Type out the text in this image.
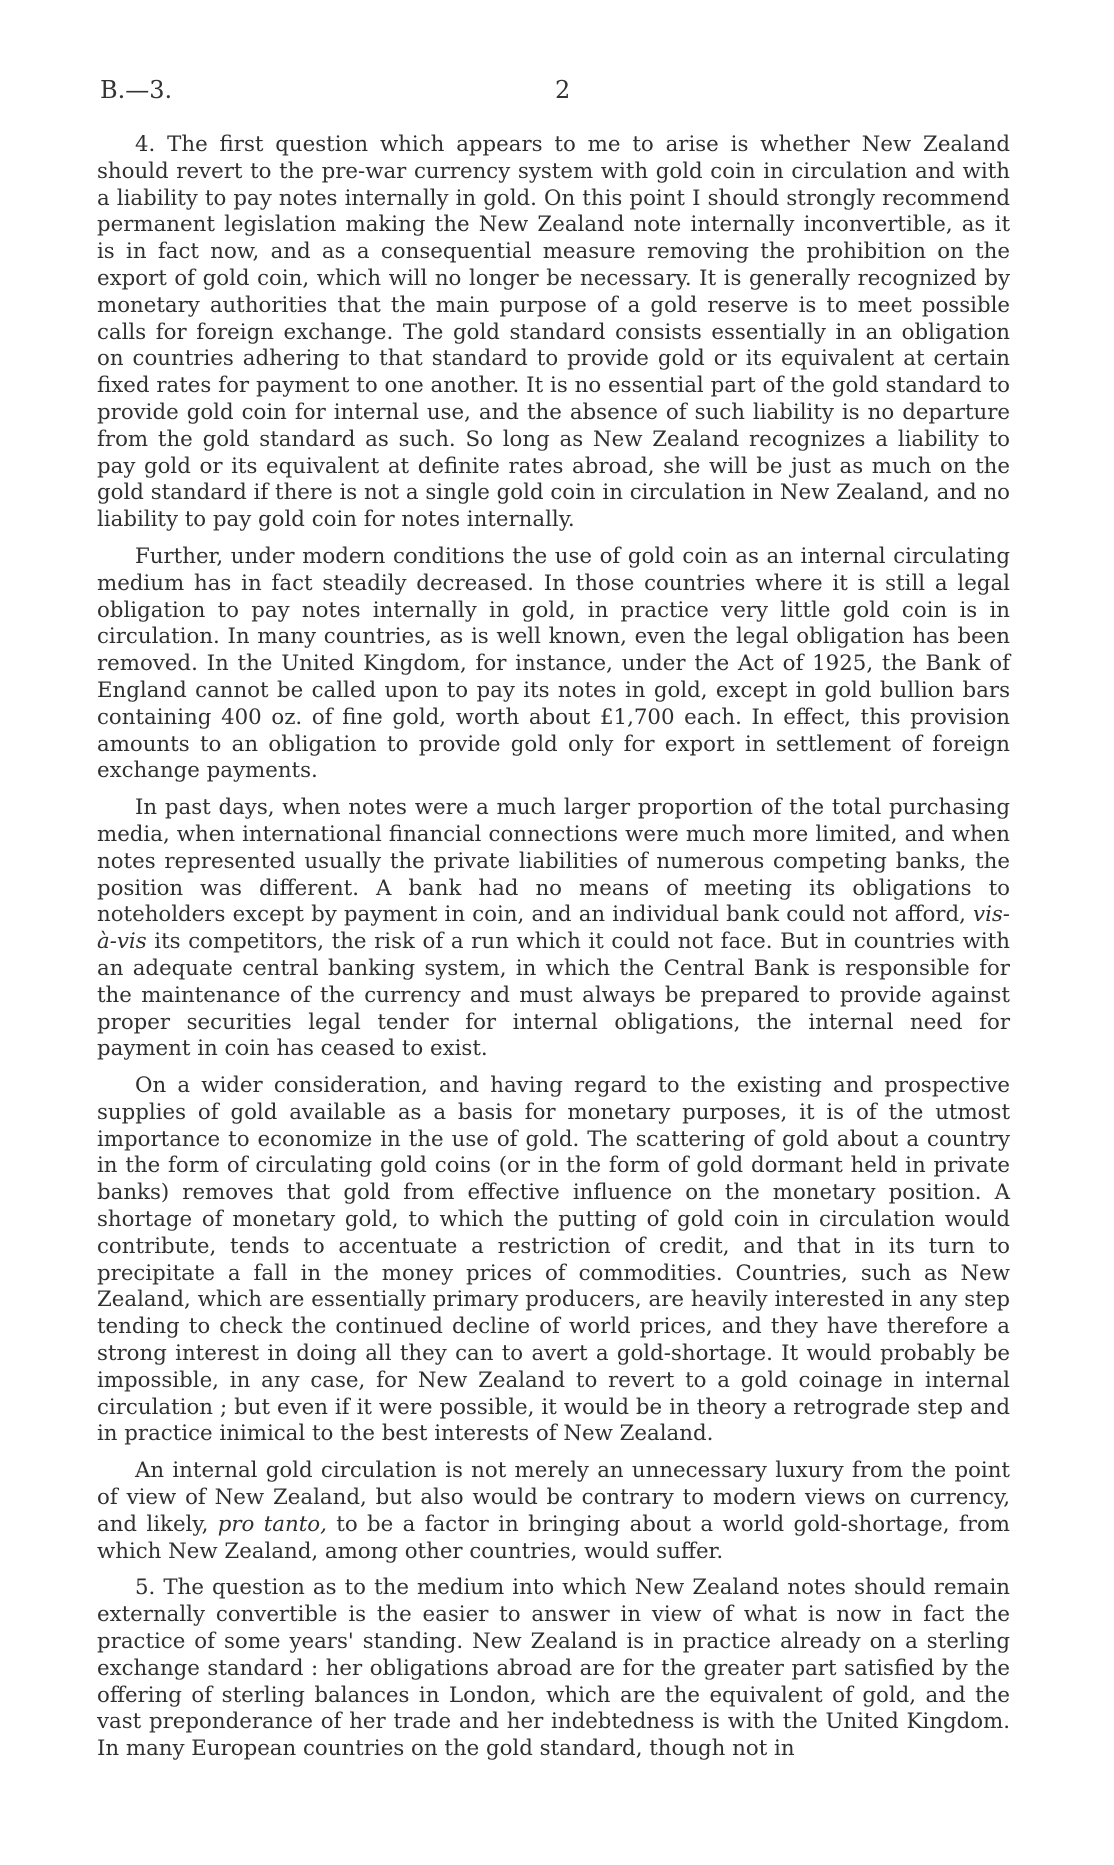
B.—3.	2

4. The first question which appears to me to arise is whether New Zealand should revert to the pre-war currency system with gold coin in circulation and with a liability to pay notes internally in gold. On this point I should strongly recommend permanent legislation making the New Zealand note internally inconvertible, as it is in fact now, and as a consequential measure removing the prohibition on the export of gold coin, which will no longer be necessary. It is generally recognized by monetary authorities that the main purpose of a gold reserve is to meet possible calls for foreign exchange. The gold standard consists essentially in an obligation on countries adhering to that standard to provide gold or its equivalent at certain fixed rates for payment to one another. It is no essential part of the gold standard to provide gold coin for internal use, and the absence of such liability is no departure from the gold standard as such. So long as New Zealand recognizes a liability to pay gold or its equivalent at definite rates abroad, she will be just as much on the gold standard if there is not a single gold coin in circulation in New Zealand, and no liability to pay gold coin for notes internally.

Further, under modern conditions the use of gold coin as an internal circulating medium has in fact steadily decreased. In those countries where it is still a legal obligation to pay notes internally in gold, in practice very little gold coin is in circulation. In many countries, as is well known, even the legal obligation has been removed. In the United Kingdom, for instance, under the Act of 1925, the Bank of England cannot be called upon to pay its notes in gold, except in gold bullion bars containing 400 oz. of fine gold, worth about £1,700 each. In effect, this provision amounts to an obligation to provide gold only for export in settlement of foreign exchange payments.

In past days, when notes were a much larger proportion of the total purchasing media, when international financial connections were much more limited, and when notes represented usually the private liabilities of numerous competing banks, the position was different. A bank had no means of meeting its obligations to noteholders except by payment in coin, and an individual bank could not afford, vis-à-vis its competitors, the risk of a run which it could not face. But in countries with an adequate central banking system, in which the Central Bank is responsible for the maintenance of the currency and must always be prepared to provide against proper securities legal tender for internal obligations, the internal need for payment in coin has ceased to exist.

On a wider consideration, and having regard to the existing and prospective supplies of gold available as a basis for monetary purposes, it is of the utmost importance to economize in the use of gold. The scattering of gold about a country in the form of circulating gold coins (or in the form of gold dormant held in private banks) removes that gold from effective influence on the monetary position. A shortage of monetary gold, to which the putting of gold coin in circulation would contribute, tends to accentuate a restriction of credit, and that in its turn to precipitate a fall in the money prices of commodities. Countries, such as New Zealand, which are essentially primary producers, are heavily interested in any step tending to check the continued decline of world prices, and they have therefore a strong interest in doing all they can to avert a gold-shortage. It would probably be impossible, in any case, for New Zealand to revert to a gold coinage in internal circulation ; but even if it were possible, it would be in theory a retrograde step and in practice inimical to the best interests of New Zealand.

An internal gold circulation is not merely an unnecessary luxury from the point of view of New Zealand, but also would be contrary to modern views on currency, and likely, pro tanto, to be a factor in bringing about a world gold-shortage, from which New Zealand, among other countries, would suffer.

5. The question as to the medium into which New Zealand notes should remain externally convertible is the easier to answer in view of what is now in fact the practice of some years' standing. New Zealand is in practice already on a sterling exchange standard : her obligations abroad are for the greater part satisfied by the offering of sterling balances in London, which are the equivalent of gold, and the vast preponderance of her trade and her indebtedness is with the United Kingdom. In many European countries on the gold standard, though not in
